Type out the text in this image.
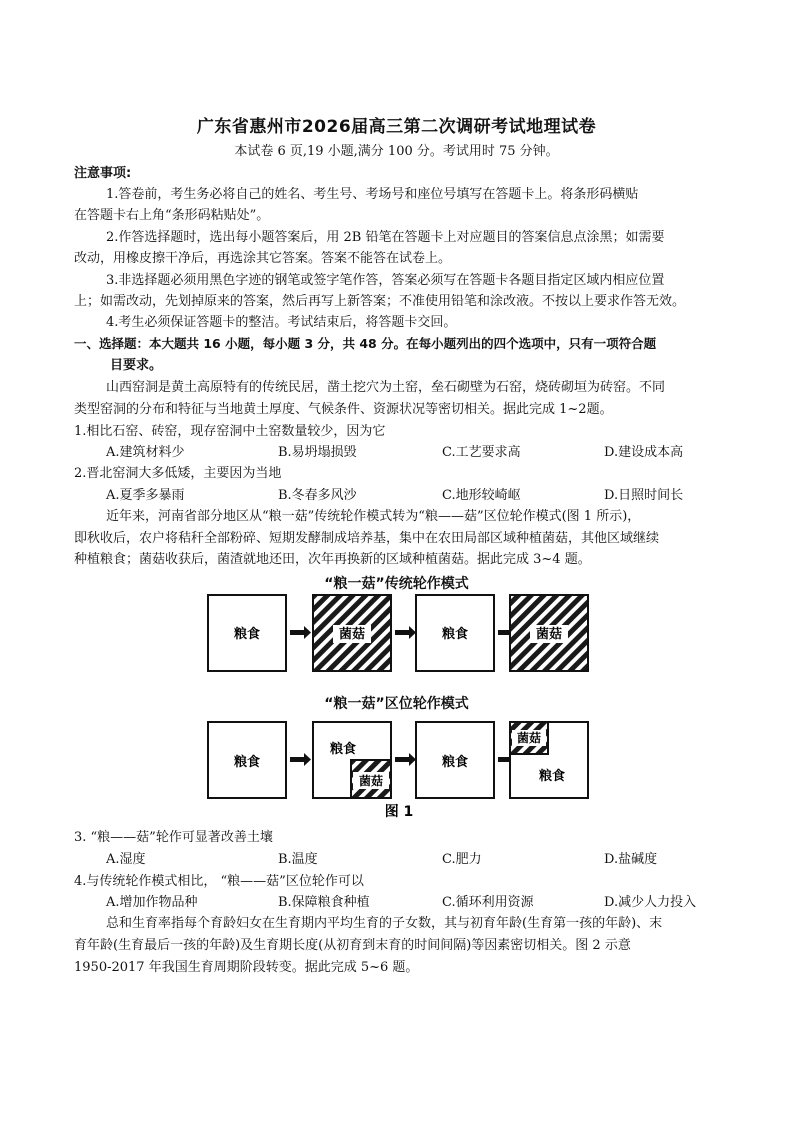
广东省惠州市2026届高三第二次调研考试地理试卷
本试卷 6 页,19 小题,满分 100 分。考试用时 75 分钟。
注意事项:
1.答卷前，考生务必将自己的姓名、考生号、考场号和座位号填写在答题卡上。将条形码横贴
在答题卡右上角“条形码粘贴处”。
2.作答选择题时，选出每小题答案后，用 2B 铅笔在答题卡上对应题目的答案信息点涂黑；如需要
改动，用橡皮擦干净后，再选涂其它答案。答案不能答在试卷上。
3.非选择题必须用黑色字迹的钢笔或签字笔作答，答案必须写在答题卡各题目指定区域内相应位置
上；如需改动，先划掉原来的答案，然后再写上新答案；不准使用铅笔和涂改液。不按以上要求作答无效。
4.考生必须保证答题卡的整洁。考试结束后，将答题卡交回。
一、选择题：本大题共 16 小题，每小题 3 分，共 48 分。在每小题列出的四个选项中，只有一项符合题
目要求。
山西窑洞是黄土高原特有的传统民居，凿土挖穴为土窑，垒石砌壁为石窑，烧砖砌垣为砖窑。不同
类型窑洞的分布和特征与当地黄土厚度、气候条件、资源状况等密切相关。据此完成 1~2题。
1.相比石窑、砖窑，现存窑洞中土窑数量较少，因为它
A.建筑材料少	B.易坍塌损毁	C.工艺要求高	D.建设成本高
2.晋北窑洞大多低矮，主要因为当地
A.夏季多暴雨	B.冬春多风沙	C.地形较崎岖	D.日照时间长
近年来，河南省部分地区从“粮一菇”传统轮作模式转为“粮——菇”区位轮作模式(图 1 所示)，
即秋收后，农户将秸秆全部粉碎、短期发酵制成培养基，集中在农田局部区域种植菌菇，其他区域继续
种植粮食；菌菇收获后，菌渣就地还田，次年再换新的区域种植菌菇。据此完成 3~4 题。
“粮一菇”传统轮作模式
粮食	菌菇	粮食	菌菇
粮食
粮食
菌菇
粮食
菌菇
粮食
图 1
“粮一菇”区位轮作模式
3. “粮——菇”轮作可显著改善土壤
A.湿度	B.温度	C.肥力	D.盐碱度
4.与传统轮作模式相比， “粮——菇”区位轮作可以
A.增加作物品种	B.保障粮食种植	C.循环利用资源	D.减少人力投入
总和生育率指每个育龄妇女在生育期内平均生育的子女数，其与初育年龄(生育第一孩的年龄)、末
育年龄(生育最后一孩的年龄)及生育期长度(从初育到末育的时间间隔)等因素密切相关。图 2 示意
1950-2017 年我国生育周期阶段转变。据此完成 5~6 题。
